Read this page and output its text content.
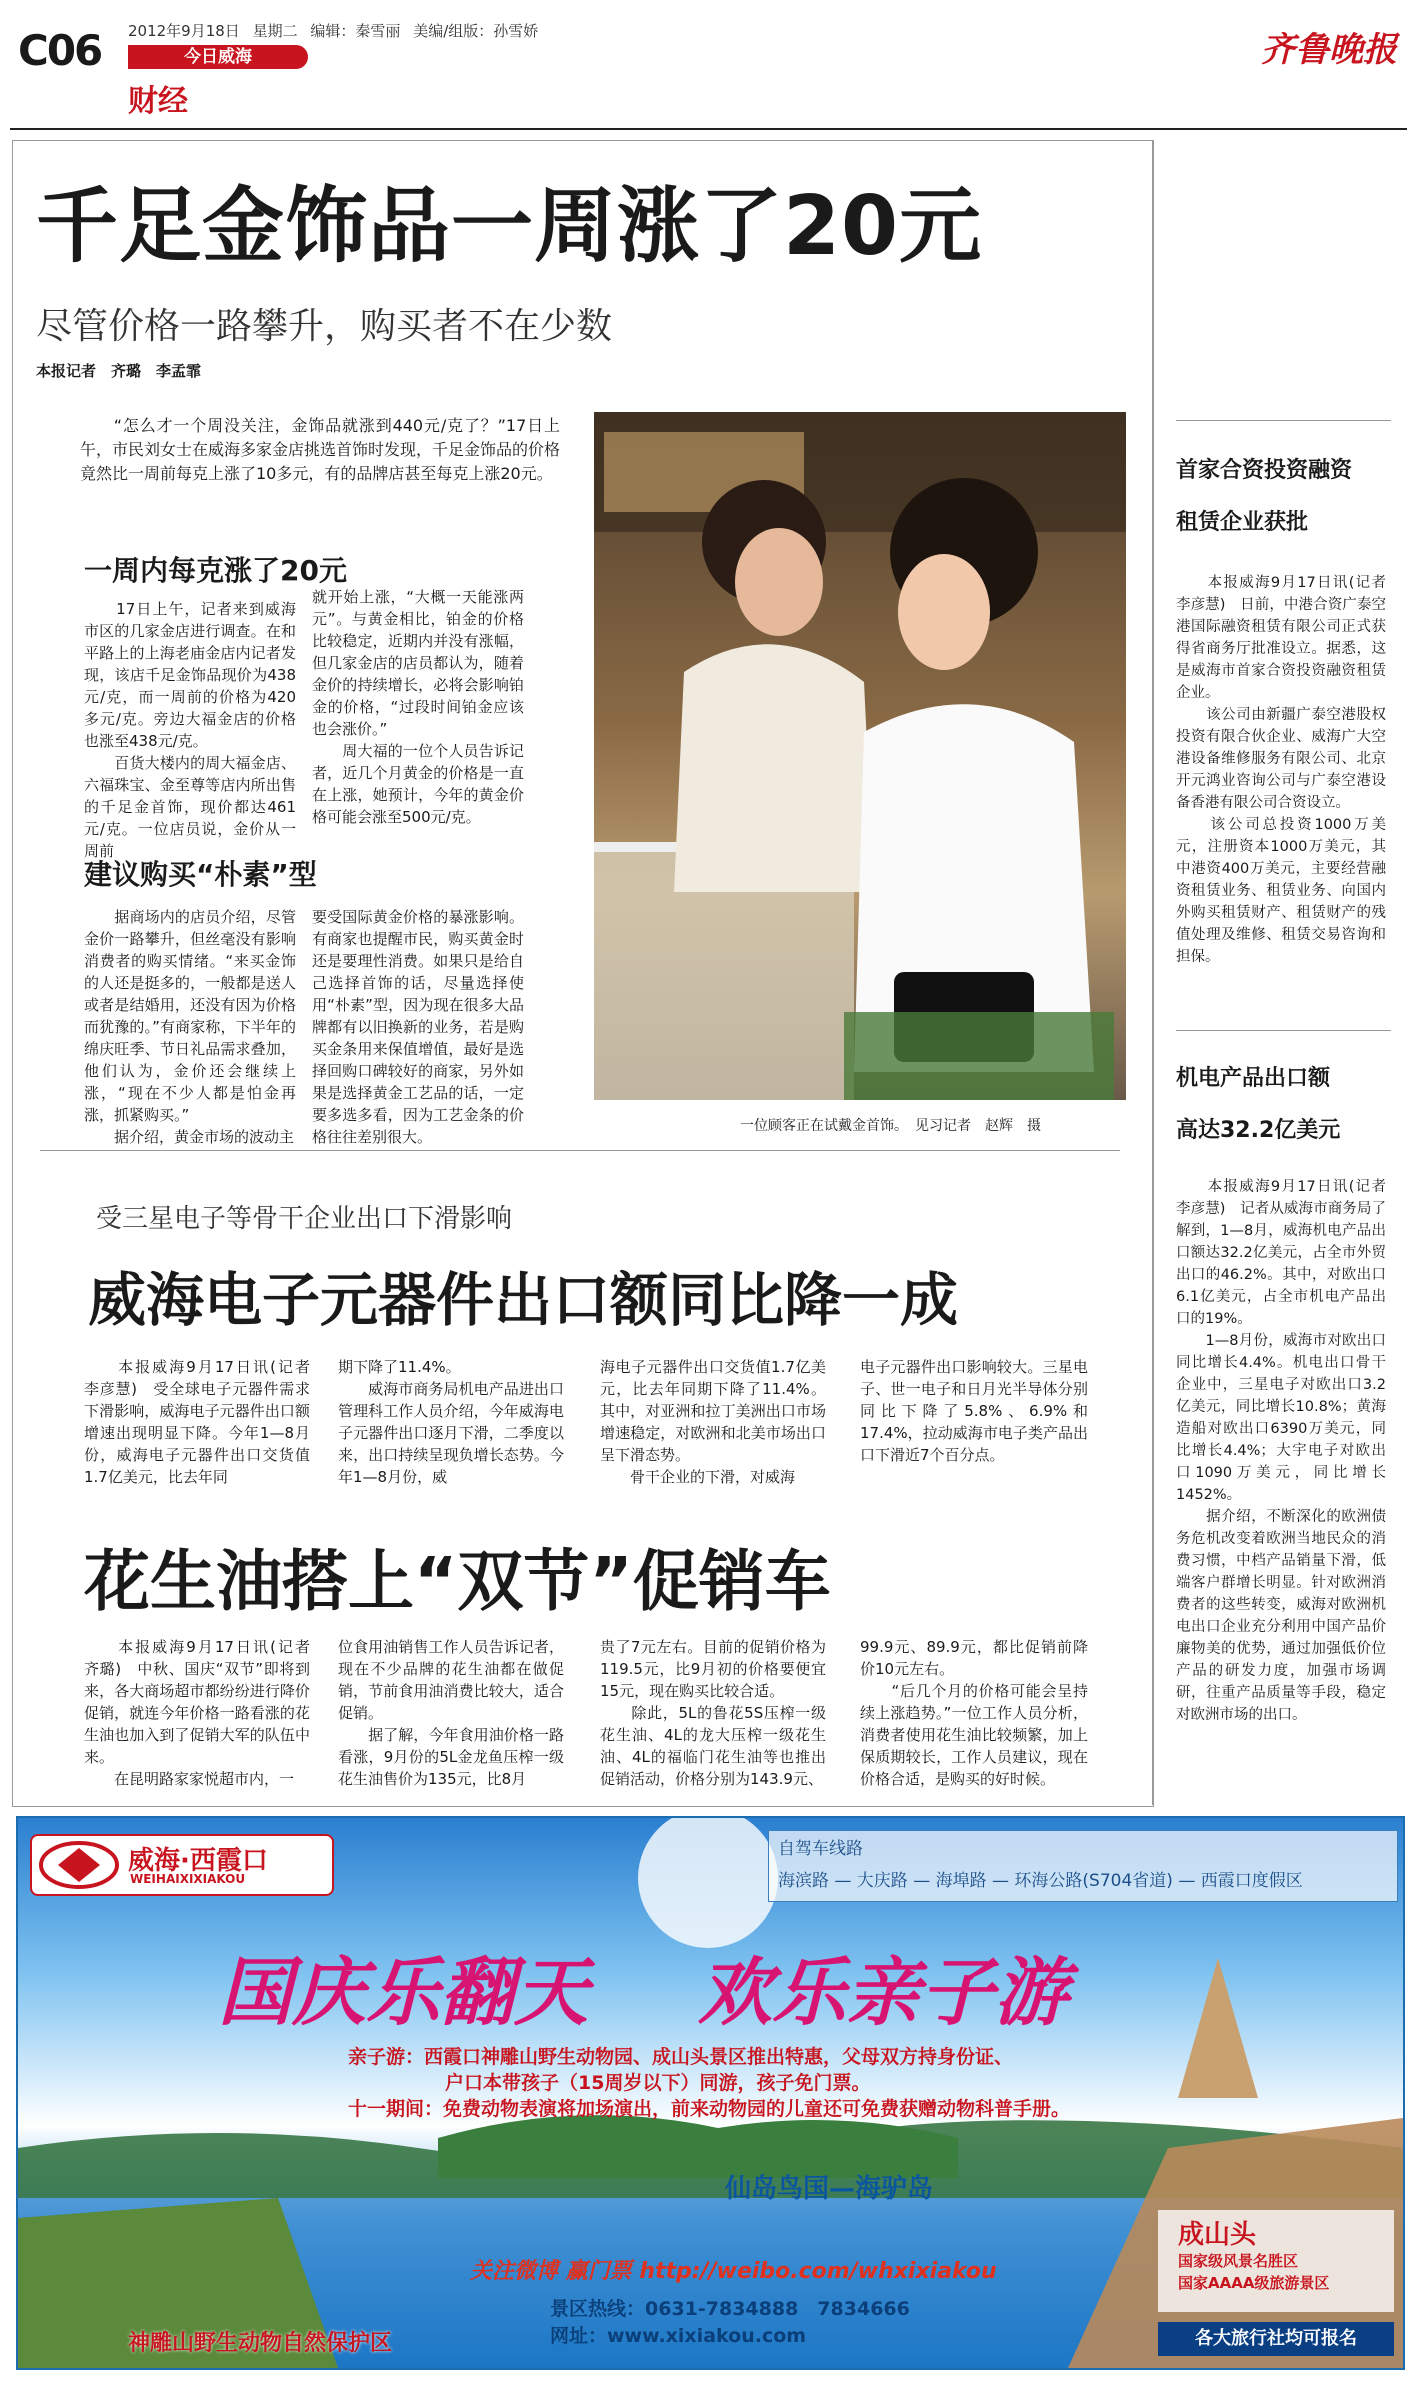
C06 2012年9月18日 星期二 编辑：秦雪丽 美编/组版：孙雪娇
今日威海
财经
齐鲁晚报
千足金饰品一周涨了20元
尽管价格一路攀升，购买者不在少数
本报记者　齐璐　李孟霏

　　“怎么才一个周没关注，金饰品就涨到440元/克了？”17日上午，市民刘女士在威海多家金店挑选首饰时发现，千足金饰品的价格竟然比一周前每克上涨了10多元，有的品牌店甚至每克上涨20元。

一周内每克涨了20元

　　17日上午，记者来到威海市区的几家金店进行调查。在和平路上的上海老庙金店内记者发现，该店千足金饰品现价为438元/克，而一周前的价格为420多元/克。旁边大福金店的价格也涨至438元/克。
　　百货大楼内的周大福金店、六福珠宝、金至尊等店内所出售的千足金首饰，现价都达461元/克。一位店员说，金价从一周前

就开始上涨，“大概一天能涨两元”。与黄金相比，铂金的价格比较稳定，近期内并没有涨幅，但几家金店的店员都认为，随着金价的持续增长，必将会影响铂金的价格，“过段时间铂金应该也会涨价。”
　　周大福的一位个人员告诉记者，近几个月黄金的价格是一直在上涨，她预计，今年的黄金价格可能会涨至500元/克。

建议购买“朴素”型

　　据商场内的店员介绍，尽管金价一路攀升，但丝毫没有影响消费者的购买情绪。“来买金饰的人还是挺多的，一般都是送人或者是结婚用，还没有因为价格而犹豫的。”有商家称，下半年的绵庆旺季、节日礼品需求叠加，他们认为，金价还会继续上涨，“现在不少人都是怕金再涨，抓紧购买。”
　　据介绍，黄金市场的波动主

要受国际黄金价格的暴涨影响。有商家也提醒市民，购买黄金时还是要理性消费。如果只是给自己选择首饰的话，尽量选择使用“朴素”型，因为现在很多大品牌都有以旧换新的业务，若是购买金条用来保值增值，最好是选择回购口碑较好的商家，另外如果是选择黄金工艺品的话，一定要多选多看，因为工艺金条的价格往往差别很大。

一位顾客正在试戴金首饰。　见习记者　赵辉　摄
受三星电子等骨干企业出口下滑影响
威海电子元器件出口额同比降一成

　　本报威海9月17日讯(记者　李彦慧)　受全球电子元器件需求下滑影响，威海电子元器件出口额增速出现明显下降。今年1—8月份，威海电子元器件出口交货值1.7亿美元，比去年同

期下降了11.4%。
　　威海市商务局机电产品进出口管理科工作人员介绍，今年威海电子元器件出口逐月下滑，二季度以来，出口持续呈现负增长态势。今年1—8月份，威

海电子元器件出口交货值1.7亿美元，比去年同期下降了11.4%。其中，对亚洲和拉丁美洲出口市场增速稳定，对欧洲和北美市场出口呈下滑态势。
　　骨干企业的下滑，对威海

电子元器件出口影响较大。三星电子、世一电子和日月光半导体分别同比下降了5.8%、6.9%和17.4%，拉动威海市电子类产品出口下滑近7个百分点。

花生油搭上“双节”促销车

　　本报威海9月17日讯(记者　齐璐)　中秋、国庆“双节”即将到来，各大商场超市都纷纷进行降价促销，就连今年价格一路看涨的花生油也加入到了促销大军的队伍中来。
　　在昆明路家家悦超市内，一

位食用油销售工作人员告诉记者，现在不少品牌的花生油都在做促销，节前食用油消费比较大，适合促销。
　　据了解，今年食用油价格一路看涨，9月份的5L金龙鱼压榨一级花生油售价为135元，比8月

贵了7元左右。目前的促销价格为119.5元，比9月初的价格要便宜15元，现在购买比较合适。
　　除此，5L的鲁花5S压榨一级花生油、4L的龙大压榨一级花生油、4L的福临门花生油等也推出促销活动，价格分别为143.9元、

99.9元、89.9元，都比促销前降价10元左右。
　　“后几个月的价格可能会呈持续上涨趋势。”一位工作人员分析，消费者使用花生油比较频繁，加上保质期较长，工作人员建议，现在价格合适，是购买的好时候。

首家合资投资融资
租赁企业获批

　　本报威海9月17日讯(记者　李彦慧)　日前，中港合资广泰空港国际融资租赁有限公司正式获得省商务厅批准设立。据悉，这是威海市首家合资投资融资租赁企业。
　　该公司由新疆广泰空港股权投资有限合伙企业、威海广大空港设备维修服务有限公司、北京开元鸿业咨询公司与广泰空港设备香港有限公司合资设立。
　　该公司总投资1000万美元，注册资本1000万美元，其中港资400万美元，主要经营融资租赁业务、租赁业务、向国内外购买租赁财产、租赁财产的残值处理及维修、租赁交易咨询和担保。

机电产品出口额
高达32.2亿美元

　　本报威海9月17日讯(记者　李彦慧)　记者从威海市商务局了解到，1—8月，威海机电产品出口额达32.2亿美元，占全市外贸出口的46.2%。其中，对欧出口6.1亿美元，占全市机电产品出口的19%。
　　1—8月份，威海市对欧出口同比增长4.4%。机电出口骨干企业中，三星电子对欧出口3.2亿美元，同比增长10.8%；黄海造船对欧出口6390万美元，同比增长4.4%；大宇电子对欧出口1090万美元，同比增长1452%。
　　据介绍，不断深化的欧洲债务危机改变着欧洲当地民众的消费习惯，中档产品销量下滑，低端客户群增长明显。针对欧洲消费者的这些转变，威海对欧洲机电出口企业充分利用中国产品价廉物美的优势，通过加强低价位产品的研发力度，加强市场调研，往重产品质量等手段，稳定对欧洲市场的出口。

威海·西霞口
WEIHAIXIXIAKOU
自驾车线路
海滨路 — 大庆路 — 海埠路 — 环海公路(S704省道) — 西霞口度假区
国庆乐翻天 欢乐亲子游
亲子游：西霞口神雕山野生动物园、成山头景区推出特惠，父母双方持身份证、
户口本带孩子（15周岁以下）同游，孩子免门票。
十一期间：免费动物表演将加场演出，前来动物园的儿童还可免费获赠动物科普手册。
仙岛鸟国—海驴岛
关注微博 赢门票 http://weibo.com/whxixiakou
景区热线：0631-7834888　7834666
网址：www.xixiakou.com
神雕山野生动物自然保护区
成山头
国家级风景名胜区
国家AAAA级旅游景区
各大旅行社均可报名
